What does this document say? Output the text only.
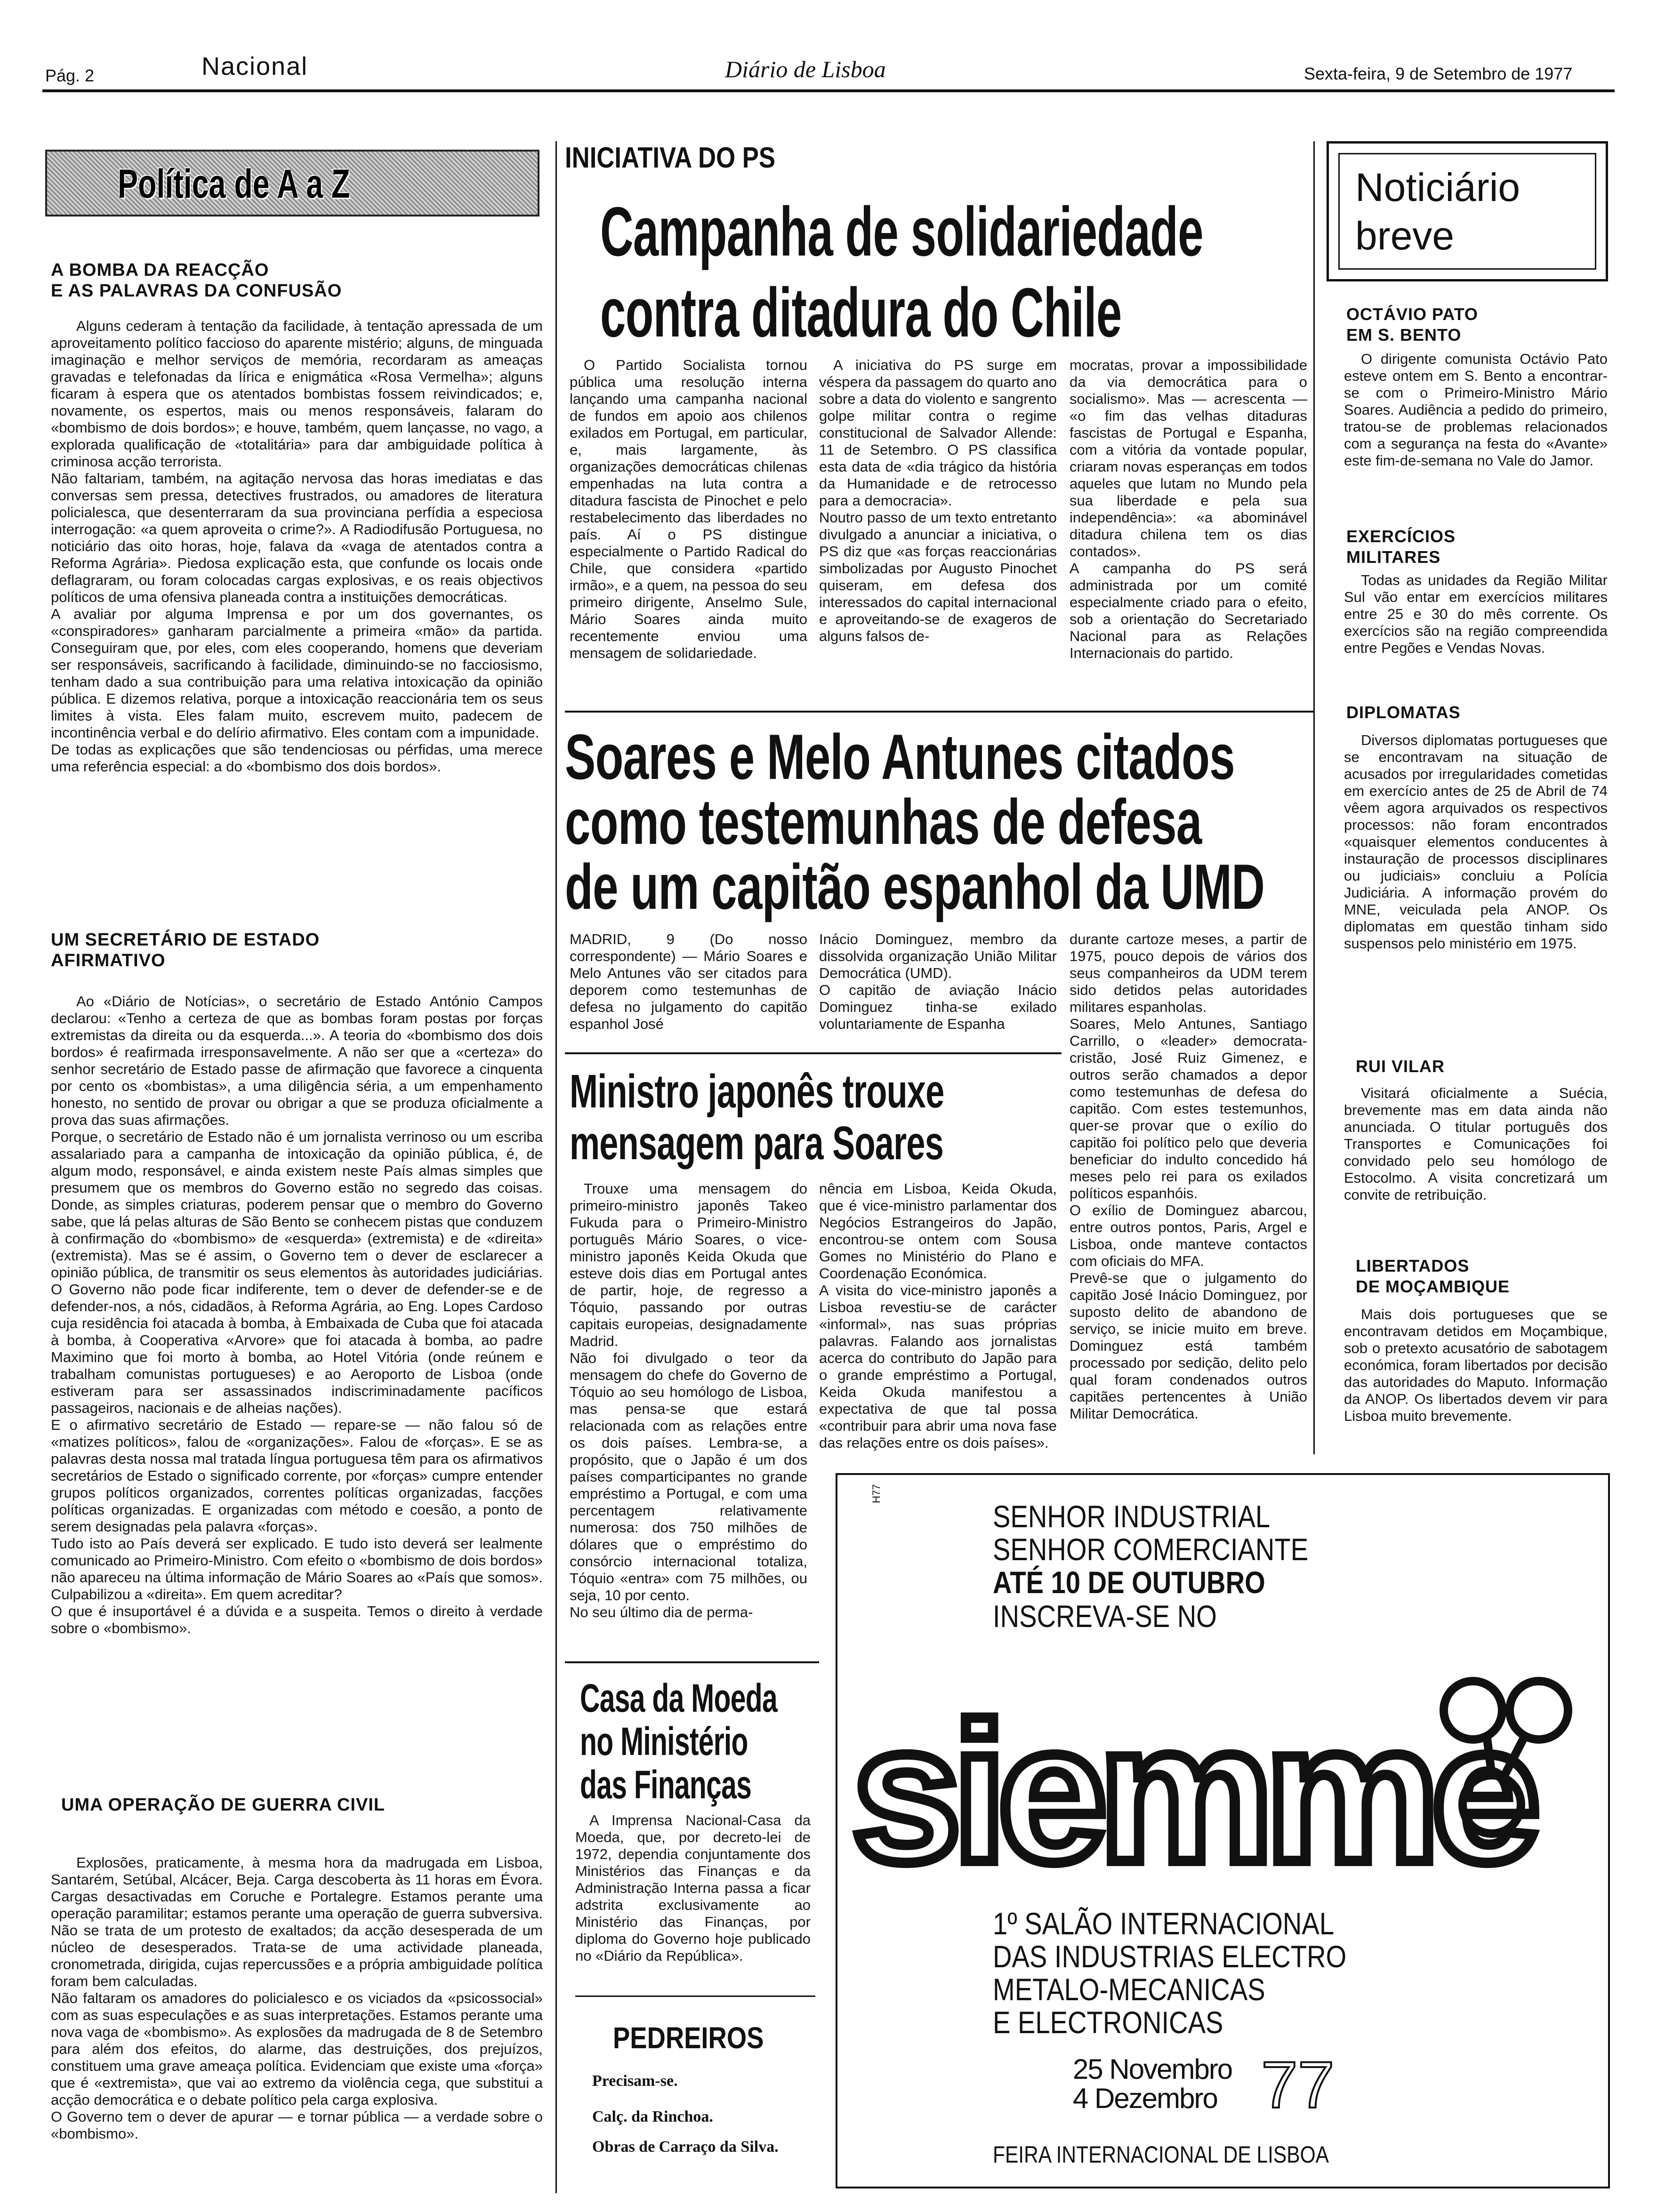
Pág. 2	Nacional	Diário de Lisboa	Sexta-feira, 9 de Setembro de 1977
Política de A a Z
A BOMBA DA REACÇÃO
E AS PALAVRAS DA CONFUSÃO
Alguns cederam à tentação da facilidade, à tentação apressada de um aproveitamento político faccioso do aparente mistério; alguns, de minguada imaginação e melhor serviços de memória, recordaram as ameaças gravadas e telefonadas da lírica e enigmática «Rosa Vermelha»; alguns ficaram à espera que os atentados bombistas fossem reivindicados; e, novamente, os espertos, mais ou menos responsáveis, falaram do «bombismo de dois bordos»; e houve, também, quem lançasse, no vago, a explorada qualificação de «totalitária» para dar ambiguidade política à criminosa acção terrorista.
Não faltariam, também, na agitação nervosa das horas imediatas e das conversas sem pressa, detectives frustrados, ou amadores de literatura policialesca, que desenterraram da sua provinciana perfídia a especiosa interrogação: «a quem aproveita o crime?». A Radiodifusão Portuguesa, no noticiário das oito horas, hoje, falava da «vaga de atentados contra a Reforma Agrária». Piedosa explicação esta, que confunde os locais onde deflagraram, ou foram colocadas cargas explosivas, e os reais objectivos políticos de uma ofensiva planeada contra a instituições democráticas.
A avaliar por alguma Imprensa e por um dos governantes, os «conspiradores» ganharam parcialmente a primeira «mão» da partida. Conseguiram que, por eles, com eles cooperando, homens que deveriam ser responsáveis, sacrificando à facilidade, diminuindo-se no facciosismo, tenham dado a sua contribuição para uma relativa intoxicação da opinião pública. E dizemos relativa, porque a intoxicação reaccionária tem os seus limites à vista. Eles falam muito, escrevem muito, padecem de incontinência verbal e do delírio afirmativo. Eles contam com a impunidade.
De todas as explicações que são tendenciosas ou pérfidas, uma merece uma referência especial: a do «bombismo dos dois bordos».
UM SECRETÁRIO DE ESTADO
AFIRMATIVO
Ao «Diário de Notícias», o secretário de Estado António Campos declarou: «Tenho a certeza de que as bombas foram postas por forças extremistas da direita ou da esquerda...». A teoria do «bombismo dos dois bordos» é reafirmada irresponsavelmente. A não ser que a «certeza» do senhor secretário de Estado passe de afirmação que favorece a cinquenta por cento os «bombistas», a uma diligência séria, a um empenhamento honesto, no sentido de provar ou obrigar a que se produza oficialmente a prova das suas afirmações.
Porque, o secretário de Estado não é um jornalista verrinoso ou um escriba assalariado para a campanha de intoxicação da opinião pública, é, de algum modo, responsável, e ainda existem neste País almas simples que presumem que os membros do Governo estão no segredo das coisas. Donde, as simples criaturas, poderem pensar que o membro do Governo sabe, que lá pelas alturas de São Bento se conhecem pistas que conduzem à confirmação do «bombismo» de «esquerda» (extremista) e de «direita» (extremista). Mas se é assim, o Governo tem o dever de esclarecer a opinião pública, de transmitir os seus elementos às autoridades judiciárias. O Governo não pode ficar indiferente, tem o dever de defender-se e de defender-nos, a nós, cidadãos, à Reforma Agrária, ao Eng. Lopes Cardoso cuja residência foi atacada à bomba, à Embaixada de Cuba que foi atacada à bomba, à Cooperativa «Arvore» que foi atacada à bomba, ao padre Maximino que foi morto à bomba, ao Hotel Vitória (onde reúnem e trabalham comunistas portugueses) e ao Aeroporto de Lisboa (onde estiveram para ser assassinados indiscriminadamente pacíficos passageiros, nacionais e de alheias nações).
E o afirmativo secretário de Estado — repare-se — não falou só de «matizes políticos», falou de «organizações». Falou de «forças». E se as palavras desta nossa mal tratada língua portuguesa têm para os afirmativos secretários de Estado o significado corrente, por «forças» cumpre entender grupos políticos organizados, correntes políticas organizadas, facções políticas organizadas. E organizadas com método e coesão, a ponto de serem designadas pela palavra «forças».
Tudo isto ao País deverá ser explicado. E tudo isto deverá ser lealmente comunicado ao Primeiro-Ministro. Com efeito o «bombismo de dois bordos» não apareceu na última informação de Mário Soares ao «País que somos». Culpabilizou a «direita». Em quem acreditar?
O que é insuportável é a dúvida e a suspeita. Temos o direito à verdade sobre o «bombismo».
UMA OPERAÇÃO DE GUERRA CIVIL
Explosões, praticamente, à mesma hora da madrugada em Lisboa, Santarém, Setúbal, Alcácer, Beja. Carga descoberta às 11 horas em Évora. Cargas desactivadas em Coruche e Portalegre. Estamos perante uma operação paramilitar; estamos perante uma operação de guerra subversiva. Não se trata de um protesto de exaltados; da acção desesperada de um núcleo de desesperados. Trata-se de uma actividade planeada, cronometrada, dirigida, cujas repercussões e a própria ambiguidade política foram bem calculadas.
Não faltaram os amadores do policialesco e os viciados da «psicossocial» com as suas especulações e as suas interpretações. Estamos perante uma nova vaga de «bombismo». As explosões da madrugada de 8 de Setembro para além dos efeitos, do alarme, das destruições, dos prejuízos, constituem uma grave ameaça política. Evidenciam que existe uma «força» que é «extremista», que vai ao extremo da violência cega, que substitui a acção democrática e o debate político pela carga explosiva.
O Governo tem o dever de apurar — e tornar pública — a verdade sobre o «bombismo».
INICIATIVA DO PS
Campanha de solidariedade
contra ditadura do Chile
O Partido Socialista tornou pública uma resolução interna lançando uma campanha nacional de fundos em apoio aos chilenos exilados em Portugal, em particular, e, mais largamente, às organizações democráticas chilenas empenhadas na luta contra a ditadura fascista de Pinochet e pelo restabelecimento das liberdades no país. Aí o PS distingue especialmente o Partido Radical do Chile, que considera «partido irmão», e a quem, na pessoa do seu primeiro dirigente, Anselmo Sule, Mário Soares ainda muito recentemente enviou uma mensagem de solidariedade.
A iniciativa do PS surge em véspera da passagem do quarto ano sobre a data do violento e sangrento golpe militar contra o regime constitucional de Salvador Allende: 11 de Setembro. O PS classifica esta data de «dia trágico da história da Humanidade e de retrocesso para a democracia».
Noutro passo de um texto entretanto divulgado a anunciar a iniciativa, o PS diz que «as forças reaccionárias simbolizadas por Augusto Pinochet quiseram, em defesa dos interessados do capital internacional e aproveitando-se de exageros de alguns falsos de-
mocratas, provar a impossibilidade da via democrática para o socialismo». Mas — acrescenta — «o fim das velhas ditaduras fascistas de Portugal e Espanha, com a vitória da vontade popular, criaram novas esperanças em todos aqueles que lutam no Mundo pela sua liberdade e pela sua independência»: «a abominável ditadura chilena tem os dias contados».
A campanha do PS será administrada por um comité especialmente criado para o efeito, sob a orientação do Secretariado Nacional para as Relações Internacionais do partido.
Soares e Melo Antunes citados
como testemunhas de defesa
de um capitão espanhol da UMD
MADRID, 9 (Do nosso correspondente) — Mário Soares e Melo Antunes vão ser citados para deporem como testemunhas de defesa no julgamento do capitão espanhol José
Inácio Dominguez, membro da dissolvida organização União Militar Democrática (UMD).
O capitão de aviação Inácio Dominguez tinha-se exilado voluntariamente de Espanha
durante cartoze meses, a partir de 1975, pouco depois de vários dos seus companheiros da UDM terem sido detidos pelas autoridades militares espanholas.
Soares, Melo Antunes, Santiago Carrillo, o «leader» democrata-cristão, José Ruiz Gimenez, e outros serão chamados a depor como testemunhas de defesa do capitão. Com estes testemunhos, quer-se provar que o exílio do capitão foi político pelo que deveria beneficiar do indulto concedido há meses pelo rei para os exilados políticos espanhóis.
O exílio de Dominguez abarcou, entre outros pontos, Paris, Argel e Lisboa, onde manteve contactos com oficiais do MFA.
Prevê-se que o julgamento do capitão José Inácio Dominguez, por suposto delito de abandono de serviço, se inicie muito em breve. Dominguez está também processado por sedição, delito pelo qual foram condenados outros capitães pertencentes à União Militar Democrática.
Ministro japonês trouxe
mensagem para Soares
Trouxe uma mensagem do primeiro-ministro japonês Takeo Fukuda para o Primeiro-Ministro português Mário Soares, o vice-ministro japonês Keida Okuda que esteve dois dias em Portugal antes de partir, hoje, de regresso a Tóquio, passando por outras capitais europeias, designadamente Madrid.
Não foi divulgado o teor da mensagem do chefe do Governo de Tóquio ao seu homólogo de Lisboa, mas pensa-se que estará relacionada com as relações entre os dois países. Lembra-se, a propósito, que o Japão é um dos países comparticipantes no grande empréstimo a Portugal, e com uma percentagem relativamente numerosa: dos 750 milhões de dólares que o empréstimo do consórcio internacional totaliza, Tóquio «entra» com 75 milhões, ou seja, 10 por cento.
No seu último dia de perma-
nência em Lisboa, Keida Okuda, que é vice-ministro parlamentar dos Negócios Estrangeiros do Japão, encontrou-se ontem com Sousa Gomes no Ministério do Plano e Coordenação Económica.
A visita do vice-ministro japonês a Lisboa revestiu-se de carácter «informal», nas suas próprias palavras. Falando aos jornalistas acerca do contributo do Japão para o grande empréstimo a Portugal, Keida Okuda manifestou a expectativa de que tal possa «contribuir para abrir uma nova fase das relações entre os dois países».
Casa da Moeda
no Ministério
das Finanças
A Imprensa Nacional-Casa da Moeda, que, por decreto-lei de 1972, dependia conjuntamente dos Ministérios das Finanças e da Administração Interna passa a ficar adstrita exclusivamente ao Ministério das Finanças, por diploma do Governo hoje publicado no «Diário da República».
PEDREIROS
Precisam-se.
Calç. da Rinchoa.
Obras de Carraço da Silva.
Noticiário
breve
OCTÁVIO PATO
EM S. BENTO
O dirigente comunista Octávio Pato esteve ontem em S. Bento a encontrar-se com o Primeiro-Ministro Mário Soares. Audiência a pedido do primeiro, tratou-se de problemas relacionados com a segurança na festa do «Avante» este fim-de-semana no Vale do Jamor.
EXERCÍCIOS
MILITARES
Todas as unidades da Região Militar Sul vão entar em exercícios militares entre 25 e 30 do mês corrente. Os exercícios são na região compreendida entre Pegões e Vendas Novas.
DIPLOMATAS
Diversos diplomatas portugueses que se encontravam na situação de acusados por irregularidades cometidas em exercício antes de 25 de Abril de 74 vêem agora arquivados os respectivos processos: não foram encontrados «quaisquer elementos conducentes à instauração de processos disciplinares ou judiciais» concluiu a Polícia Judiciária. A informação provém do MNE, veiculada pela ANOP. Os diplomatas em questão tinham sido suspensos pelo ministério em 1975.
RUI VILAR
Visitará oficialmente a Suécia, brevemente mas em data ainda não anunciada. O titular português dos Transportes e Comunicações foi convidado pelo seu homólogo de Estocolmo. A visita concretizará um convite de retribuição.
LIBERTADOS
DE MOÇAMBIQUE
Mais dois portugueses que se encontravam detidos em Moçambique, sob o pretexto acusatório de sabotagem económica, foram libertados por decisão das autoridades do Maputo. Informação da ANOP. Os libertados devem vir para Lisboa muito brevemente.
H77
SENHOR INDUSTRIAL
SENHOR COMERCIANTE
ATÉ 10 DE OUTUBRO
INSCREVA-SE NO
siemme
1º SALÃO INTERNACIONAL
DAS INDUSTRIAS ELECTRO
METALO-MECANICAS
E ELECTRONICAS
25 Novembro
4 Dezembro 77
FEIRA INTERNACIONAL DE LISBOA
